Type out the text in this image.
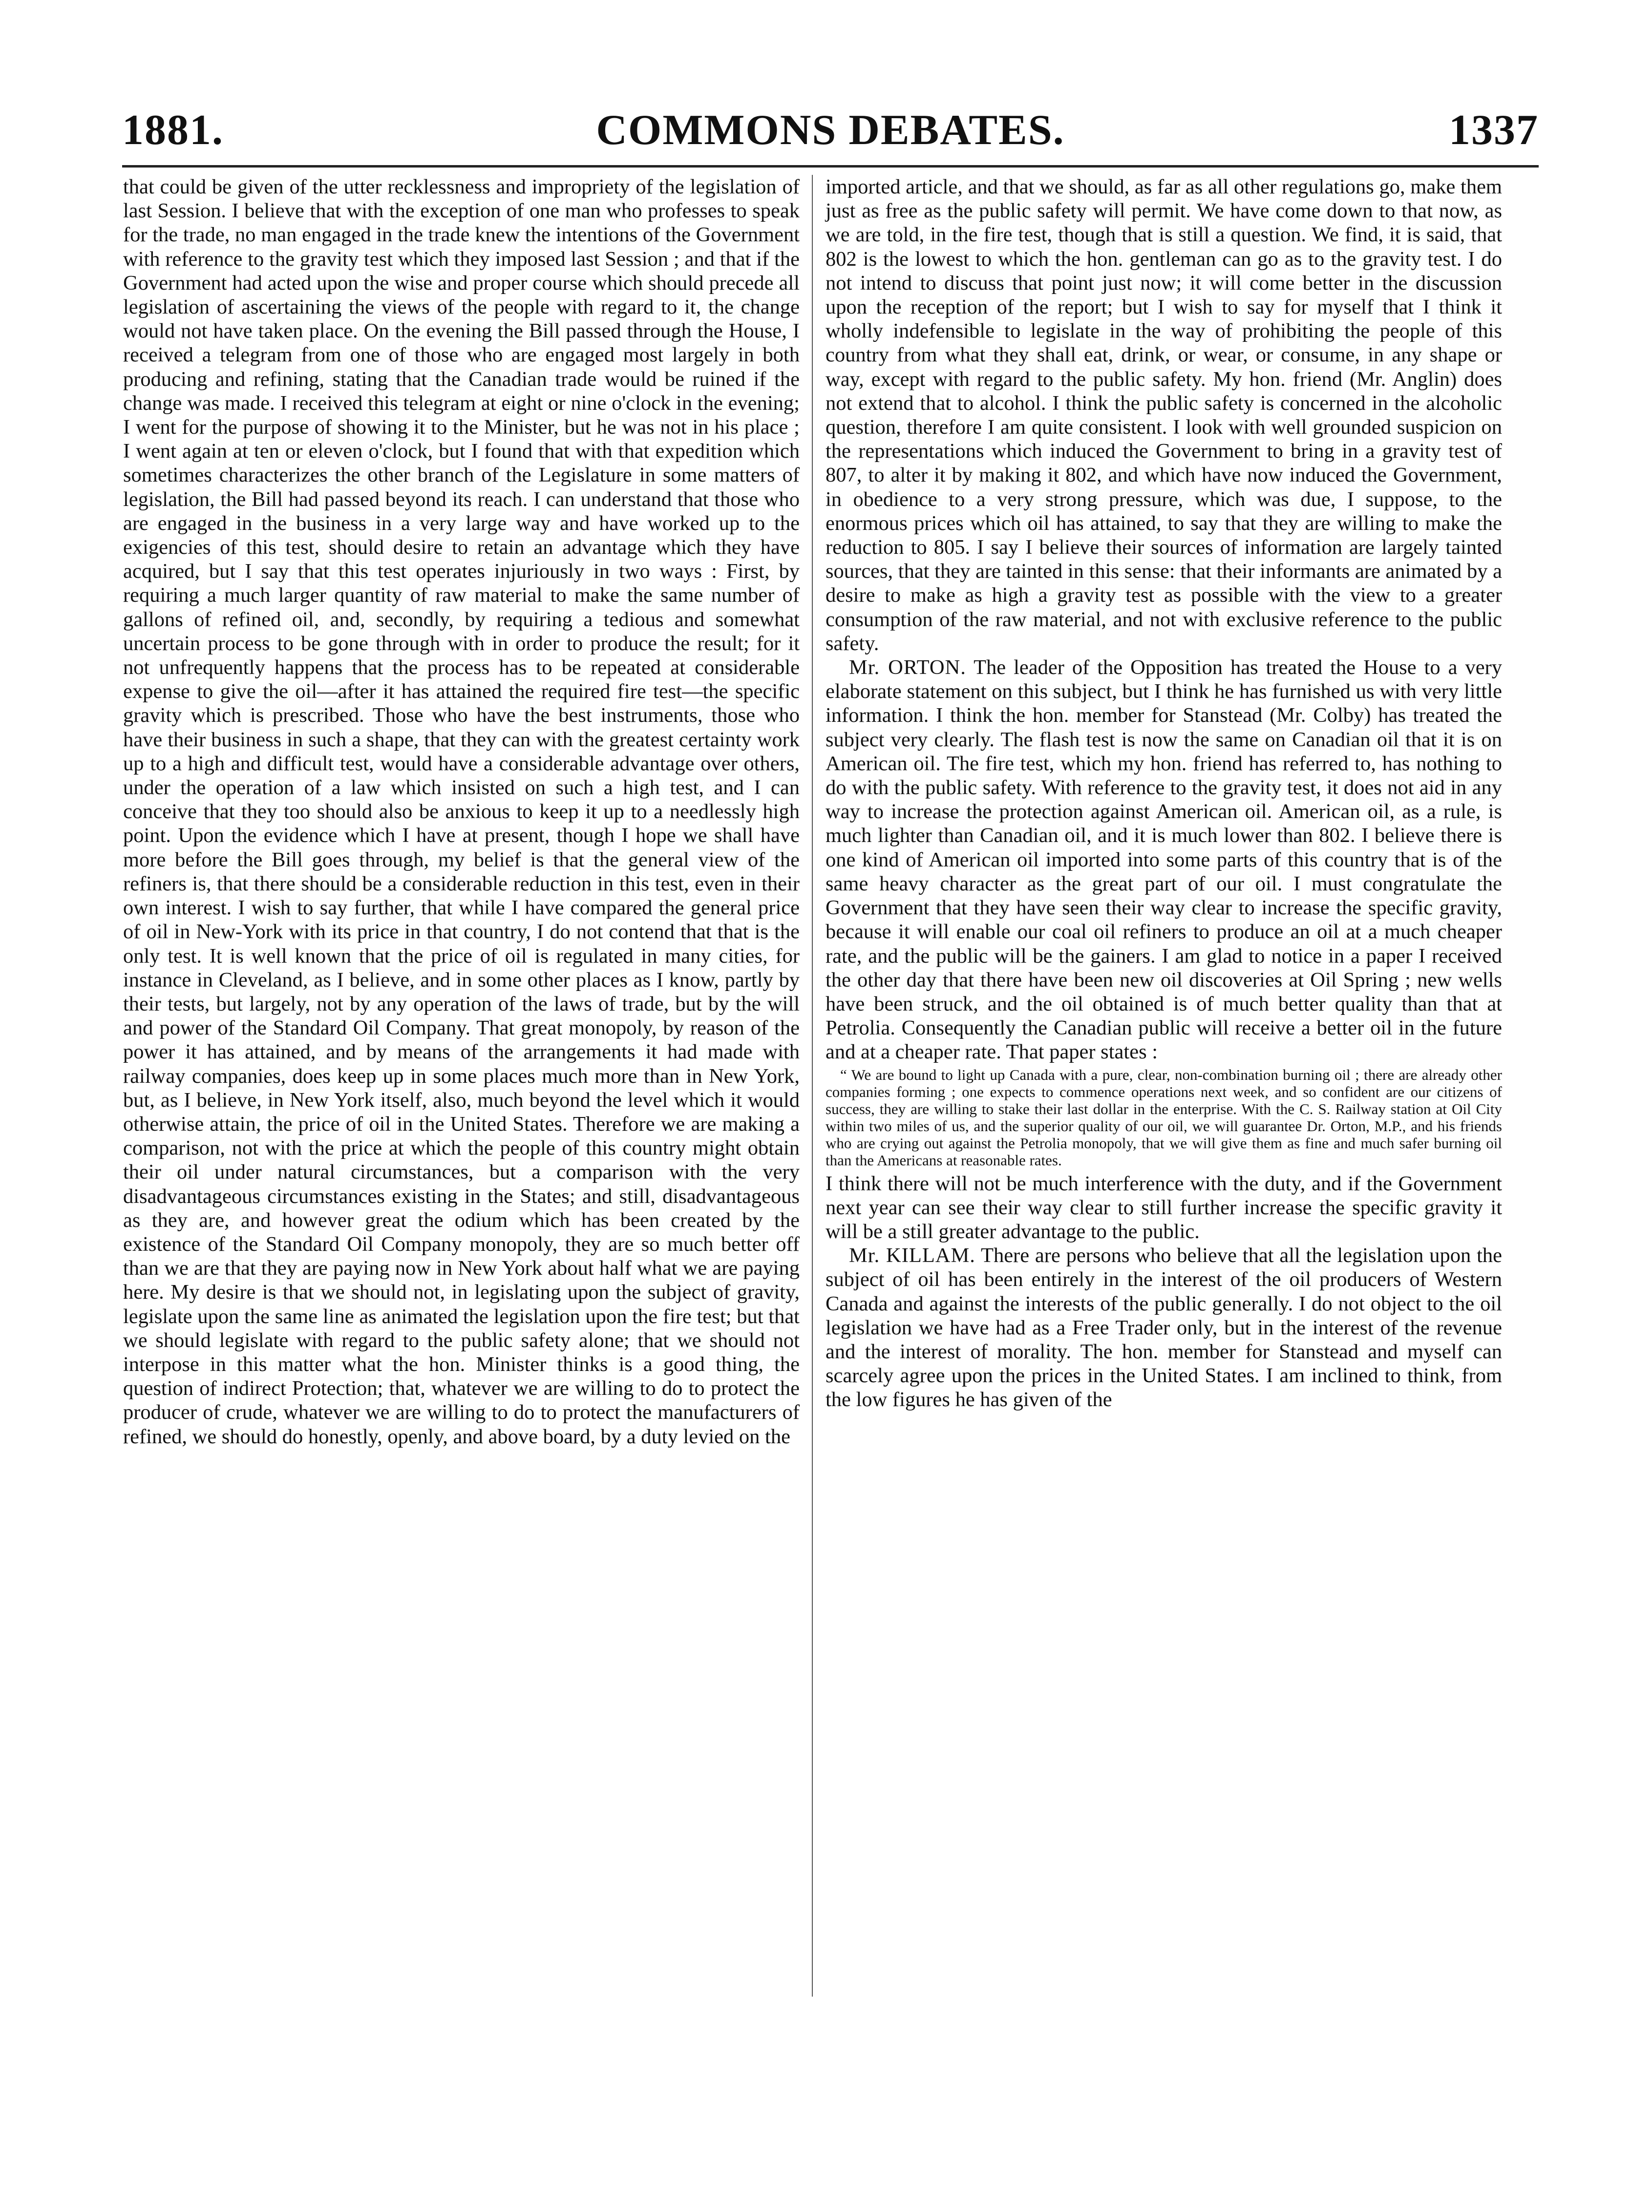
1881.	COMMONS DEBATES.	1337

that could be given of the utter recklessness and impropriety of the legislation of last Session. I believe that with the exception of one man who professes to speak for the trade, no man engaged in the trade knew the intentions of the Government with reference to the gravity test which they imposed last Session ; and that if the Government had acted upon the wise and proper course which should precede all legislation of ascertaining the views of the people with regard to it, the change would not have taken place. On the evening the Bill passed through the House, I received a telegram from one of those who are engaged most largely in both producing and refining, stating that the Canadian trade would be ruined if the change was made. I received this telegram at eight or nine o'clock in the evening; I went for the purpose of showing it to the Minister, but he was not in his place ; I went again at ten or eleven o'clock, but I found that with that expedition which sometimes characterizes the other branch of the Legislature in some matters of legislation, the Bill had passed beyond its reach. I can understand that those who are engaged in the business in a very large way and have worked up to the exigencies of this test, should desire to retain an advantage which they have acquired, but I say that this test operates injuriously in two ways : First, by requiring a much larger quantity of raw material to make the same number of gallons of refined oil, and, secondly, by requiring a tedious and somewhat uncertain process to be gone through with in order to produce the result; for it not unfrequently happens that the process has to be repeated at considerable expense to give the oil—after it has attained the required fire test—the specific gravity which is prescribed. Those who have the best instruments, those who have their business in such a shape, that they can with the greatest certainty work up to a high and difficult test, would have a considerable advantage over others, under the operation of a law which insisted on such a high test, and I can conceive that they too should also be anxious to keep it up to a needlessly high point. Upon the evidence which I have at present, though I hope we shall have more before the Bill goes through, my belief is that the general view of the refiners is, that there should be a considerable reduction in this test, even in their own interest. I wish to say further, that while I have compared the general price of oil in New-York with its price in that country, I do not contend that that is the only test. It is well known that the price of oil is regulated in many cities, for instance in Cleveland, as I believe, and in some other places as I know, partly by their tests, but largely, not by any operation of the laws of trade, but by the will and power of the Standard Oil Company. That great monopoly, by reason of the power it has attained, and by means of the arrangements it had made with railway companies, does keep up in some places much more than in New York, but, as I believe, in New York itself, also, much beyond the level which it would otherwise attain, the price of oil in the United States. Therefore we are making a comparison, not with the price at which the people of this country might obtain their oil under natural circumstances, but a comparison with the very disadvantageous circumstances existing in the States; and still, disadvantageous as they are, and however great the odium which has been created by the existence of the Standard Oil Company monopoly, they are so much better off than we are that they are paying now in New York about half what we are paying here. My desire is that we should not, in legislating upon the subject of gravity, legislate upon the same line as animated the legislation upon the fire test; but that we should legislate with regard to the public safety alone; that we should not interpose in this matter what the hon. Minister thinks is a good thing, the question of indirect Protection; that, whatever we are willing to do to protect the producer of crude, whatever we are willing to do to protect the manufacturers of refined, we should do honestly, openly, and above board, by a duty levied on the

imported article, and that we should, as far as all other regulations go, make them just as free as the public safety will permit. We have come down to that now, as we are told, in the fire test, though that is still a question. We find, it is said, that 802 is the lowest to which the hon. gentleman can go as to the gravity test. I do not intend to discuss that point just now; it will come better in the discussion upon the reception of the report; but I wish to say for myself that I think it wholly indefensible to legislate in the way of prohibiting the people of this country from what they shall eat, drink, or wear, or consume, in any shape or way, except with regard to the public safety. My hon. friend (Mr. Anglin) does not extend that to alcohol. I think the public safety is concerned in the alcoholic question, therefore I am quite consistent. I look with well grounded suspicion on the representations which induced the Government to bring in a gravity test of 807, to alter it by making it 802, and which have now induced the Government, in obedience to a very strong pressure, which was due, I suppose, to the enormous prices which oil has attained, to say that they are willing to make the reduction to 805. I say I believe their sources of information are largely tainted sources, that they are tainted in this sense: that their informants are animated by a desire to make as high a gravity test as possible with the view to a greater consumption of the raw material, and not with exclusive reference to the public safety.

Mr. ORTON. The leader of the Opposition has treated the House to a very elaborate statement on this subject, but I think he has furnished us with very little information. I think the hon. member for Stanstead (Mr. Colby) has treated the subject very clearly. The flash test is now the same on Canadian oil that it is on American oil. The fire test, which my hon. friend has referred to, has nothing to do with the public safety. With reference to the gravity test, it does not aid in any way to increase the protection against American oil. American oil, as a rule, is much lighter than Canadian oil, and it is much lower than 802. I believe there is one kind of American oil imported into some parts of this country that is of the same heavy character as the great part of our oil. I must congratulate the Government that they have seen their way clear to increase the specific gravity, because it will enable our coal oil refiners to produce an oil at a much cheaper rate, and the public will be the gainers. I am glad to notice in a paper I received the other day that there have been new oil discoveries at Oil Spring ; new wells have been struck, and the oil obtained is of much better quality than that at Petrolia. Consequently the Canadian public will receive a better oil in the future and at a cheaper rate. That paper states :

“ We are bound to light up Canada with a pure, clear, non-combination burning oil ; there are already other companies forming ; one expects to commence operations next week, and so confident are our citizens of success, they are willing to stake their last dollar in the enterprise. With the C. S. Railway station at Oil City within two miles of us, and the superior quality of our oil, we will guarantee Dr. Orton, M.P., and his friends who are crying out against the Petrolia monopoly, that we will give them as fine and much safer burning oil than the Americans at reasonable rates.

I think there will not be much interference with the duty, and if the Government next year can see their way clear to still further increase the specific gravity it will be a still greater advantage to the public.

Mr. KILLAM. There are persons who believe that all the legislation upon the subject of oil has been entirely in the interest of the oil producers of Western Canada and against the interests of the public generally. I do not object to the oil legislation we have had as a Free Trader only, but in the interest of the revenue and the interest of morality. The hon. member for Stanstead and myself can scarcely agree upon the prices in the United States. I am inclined to think, from the low figures he has given of the
